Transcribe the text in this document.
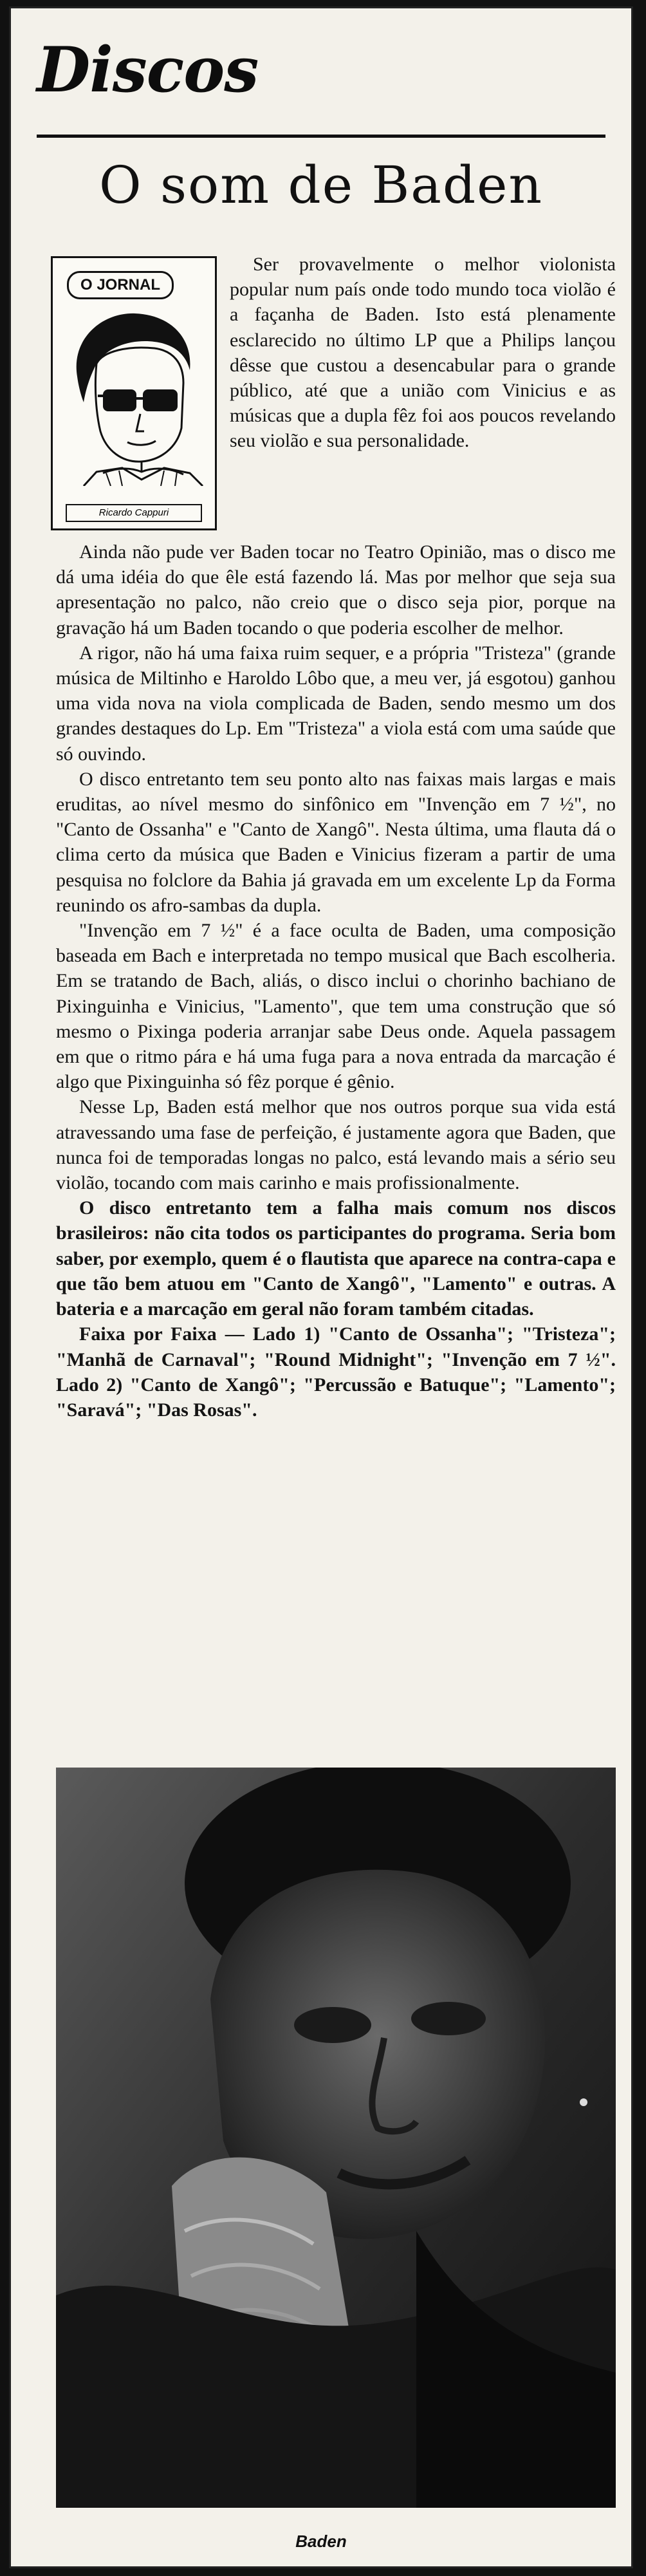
Discos
O som de Baden
O JORNAL
Ricardo Cappuri
Ser provavelmente o melhor violonista popular num país onde todo mundo toca violão é a façanha de Baden. Isto está plenamente esclarecido no último LP que a Philips lançou dêsse que custou a desencabular para o grande público, até que a união com Vinicius e as músicas que a dupla fêz foi aos poucos revelando seu violão e sua personalidade.

Ainda não pude ver Baden tocar no Teatro Opinião, mas o disco me dá uma idéia do que êle está fazendo lá. Mas por melhor que seja sua apresentação no palco, não creio que o disco seja pior, porque na gravação há um Baden tocando o que poderia escolher de melhor.

A rigor, não há uma faixa ruim sequer, e a própria "Tristeza" (grande música de Miltinho e Haroldo Lôbo que, a meu ver, já esgotou) ganhou uma vida nova na viola complicada de Baden, sendo mesmo um dos grandes destaques do Lp. Em "Tristeza" a viola está com uma saúde que só ouvindo.

O disco entretanto tem seu ponto alto nas faixas mais largas e mais eruditas, ao nível mesmo do sinfônico em "Invenção em 7 ½", no "Canto de Ossanha" e "Canto de Xangô". Nesta última, uma flauta dá o clima certo da música que Baden e Vinicius fizeram a partir de uma pesquisa no folclore da Bahia já gravada em um excelente Lp da Forma reunindo os afro-sambas da dupla.

"Invenção em 7 ½" é a face oculta de Baden, uma composição baseada em Bach e interpretada no tempo musical que Bach escolheria. Em se tratando de Bach, aliás, o disco inclui o chorinho bachiano de Pixinguinha e Vinicius, "Lamento", que tem uma construção que só mesmo o Pixinga poderia arranjar sabe Deus onde. Aquela passagem em que o ritmo pára e há uma fuga para a nova entrada da marcação é algo que Pixinguinha só fêz porque é gênio.

Nesse Lp, Baden está melhor que nos outros porque sua vida está atravessando uma fase de perfeição, é justamente agora que Baden, que nunca foi de temporadas longas no palco, está levando mais a sério seu violão, tocando com mais carinho e mais profissionalmente.

O disco entretanto tem a falha mais comum nos discos brasileiros: não cita todos os participantes do programa. Seria bom saber, por exemplo, quem é o flautista que aparece na contra-capa e que tão bem atuou em "Canto de Xangô", "Lamento" e outras. A bateria e a marcação em geral não foram também citadas.

Faixa por Faixa — Lado 1) "Canto de Ossanha"; "Tristeza"; "Manhã de Carnaval"; "Round Midnight"; "Invenção em 7 ½". Lado 2) "Canto de Xangô"; "Percussão e Batuque"; "Lamento"; "Saravá"; "Das Rosas".

Baden
